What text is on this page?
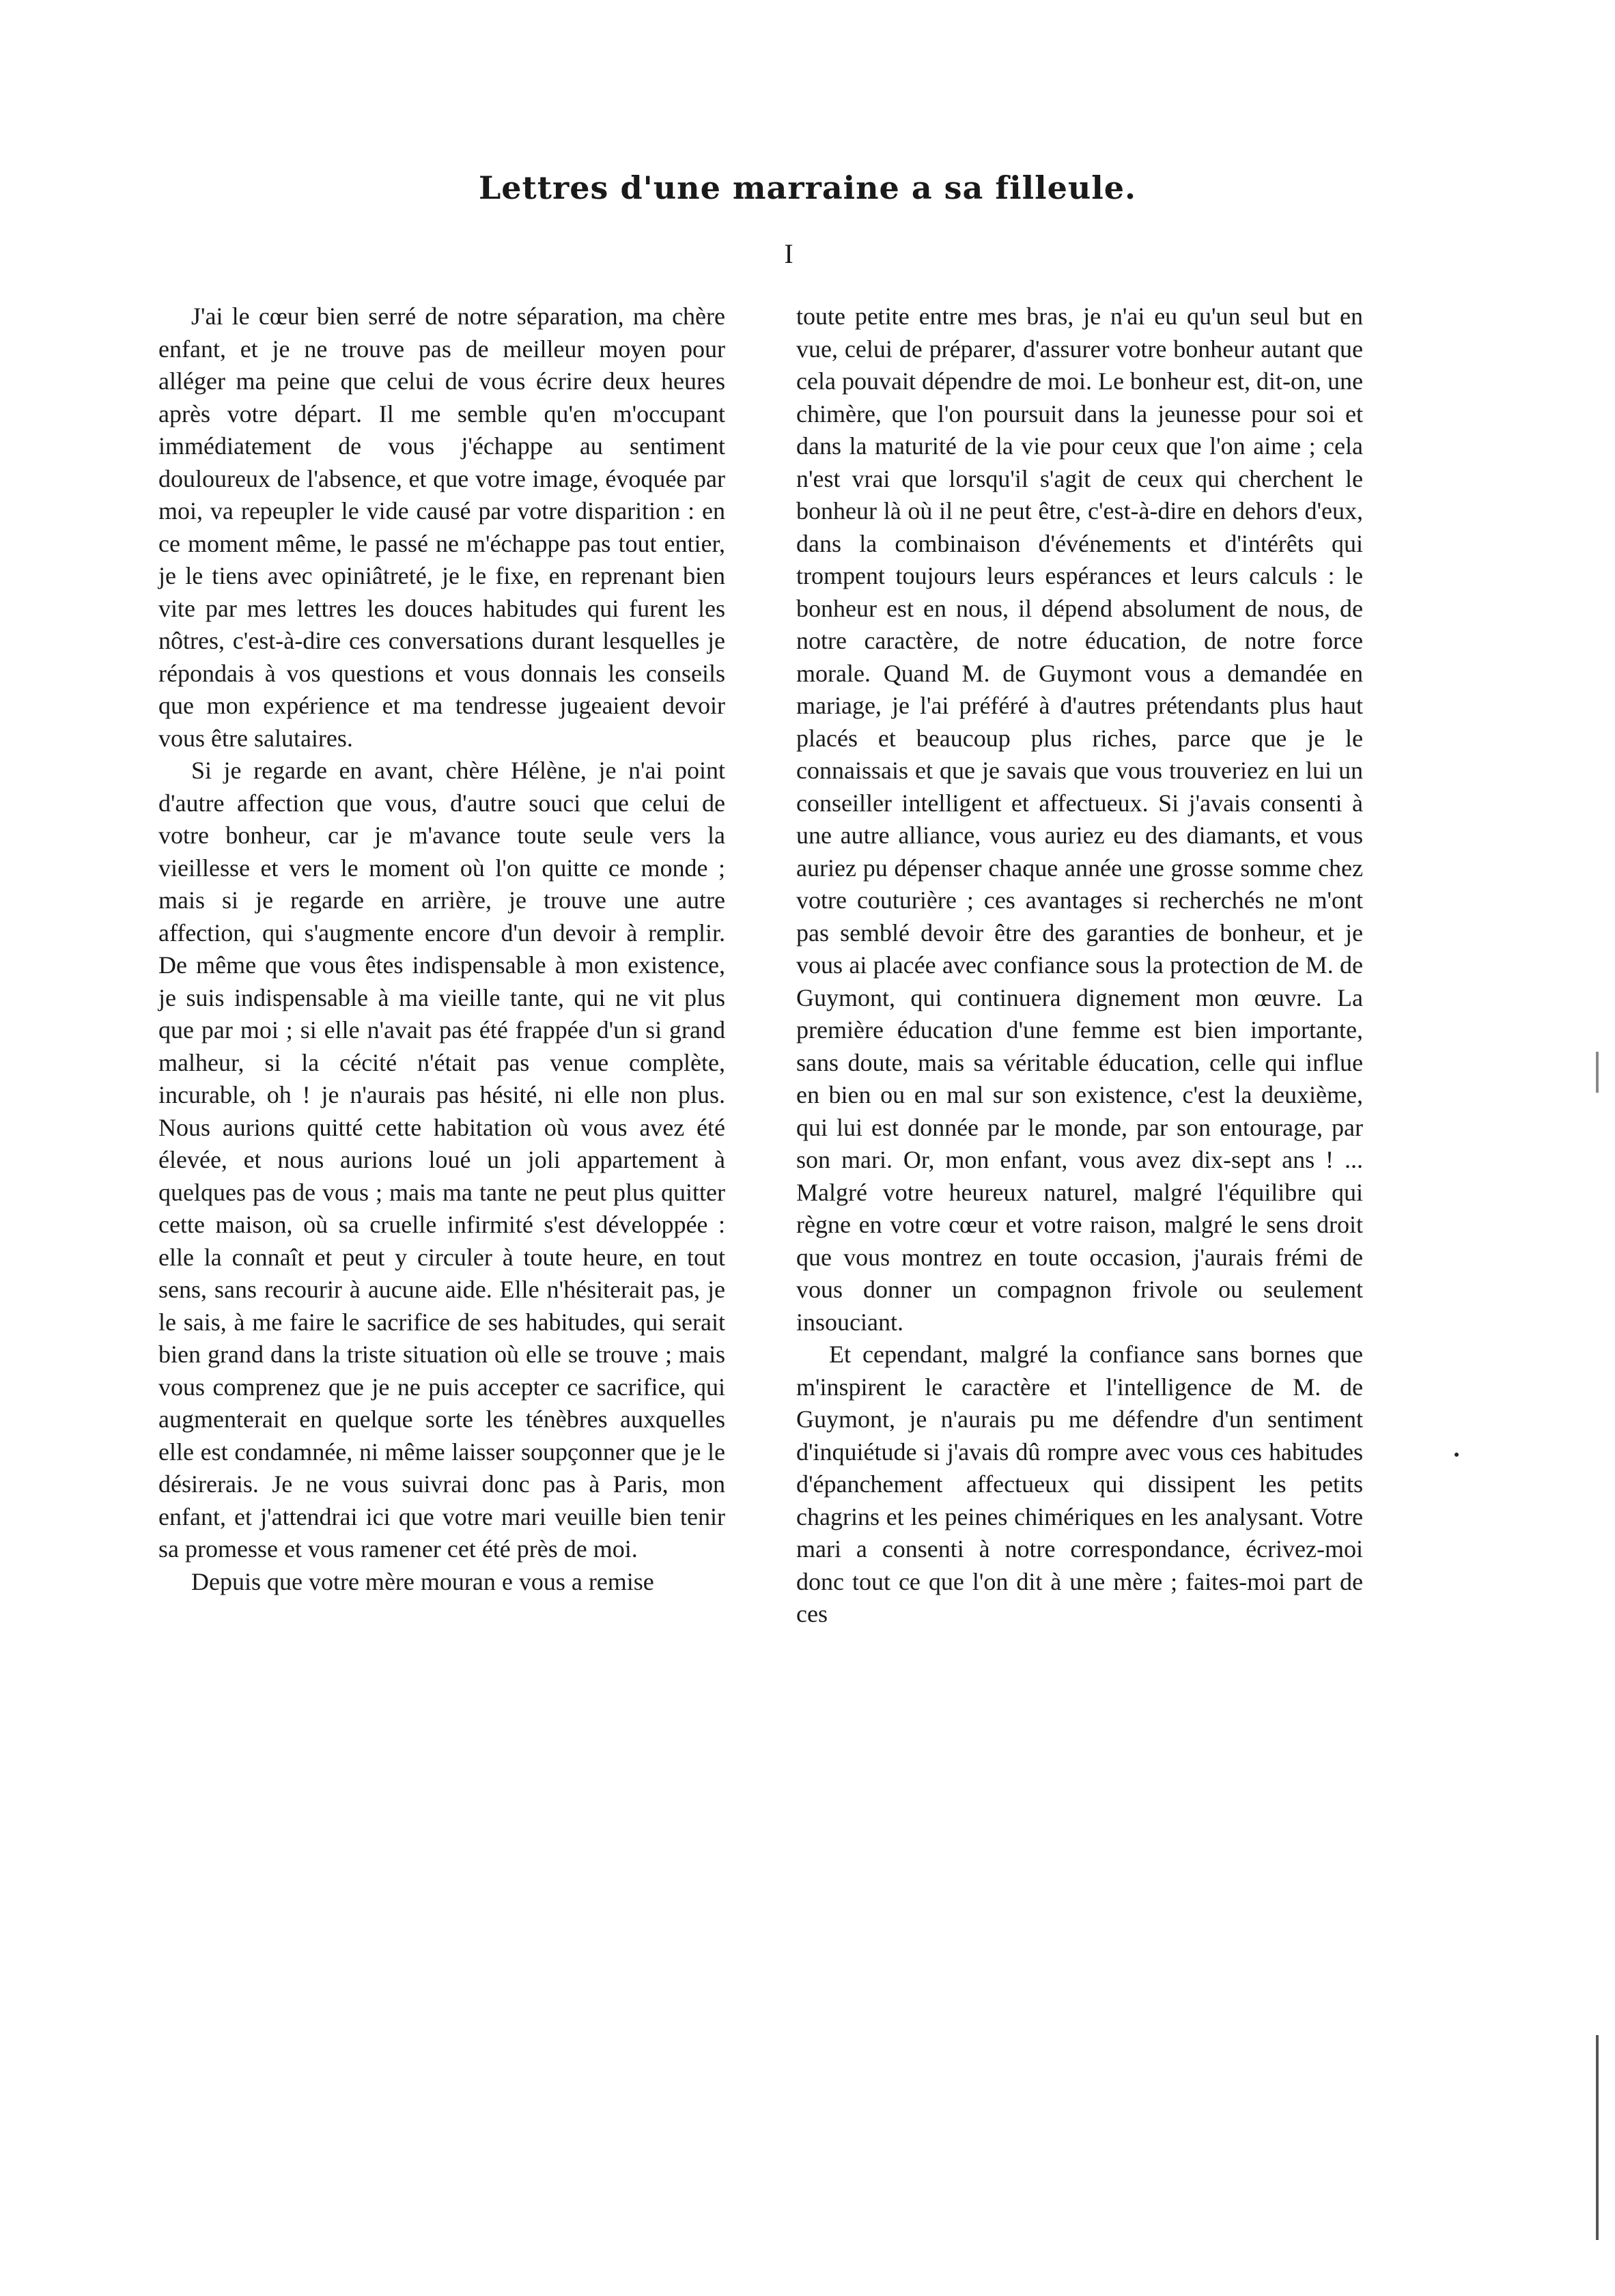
Lettres d'une marraine a sa filleule.
I

J'ai le cœur bien serré de notre séparation, ma chère enfant, et je ne trouve pas de meilleur moyen pour alléger ma peine que celui de vous écrire deux heures après votre départ. Il me semble qu'en m'occupant immédiatement de vous j'échappe au sentiment douloureux de l'absence, et que votre image, évoquée par moi, va repeupler le vide causé par votre disparition : en ce moment même, le passé ne m'échappe pas tout entier, je le tiens avec opiniâtreté, je le fixe, en reprenant bien vite par mes lettres les douces habitudes qui furent les nôtres, c'est-à-dire ces conversations durant lesquelles je répondais à vos questions et vous donnais les conseils que mon expérience et ma tendresse jugeaient devoir vous être salutaires.

Si je regarde en avant, chère Hélène, je n'ai point d'autre affection que vous, d'autre souci que celui de votre bonheur, car je m'avance toute seule vers la vieillesse et vers le moment où l'on quitte ce monde ; mais si je regarde en arrière, je trouve une autre affection, qui s'augmente encore d'un devoir à remplir. De même que vous êtes indispensable à mon existence, je suis indispensable à ma vieille tante, qui ne vit plus que par moi ; si elle n'avait pas été frappée d'un si grand malheur, si la cécité n'était pas venue complète, incurable, oh ! je n'aurais pas hésité, ni elle non plus. Nous aurions quitté cette habitation où vous avez été élevée, et nous aurions loué un joli appartement à quelques pas de vous ; mais ma tante ne peut plus quitter cette maison, où sa cruelle infirmité s'est développée : elle la connaît et peut y circuler à toute heure, en tout sens, sans recourir à aucune aide. Elle n'hésiterait pas, je le sais, à me faire le sacrifice de ses habitudes, qui serait bien grand dans la triste situation où elle se trouve ; mais vous comprenez que je ne puis accepter ce sacrifice, qui augmenterait en quelque sorte les ténèbres auxquelles elle est condamnée, ni même laisser soupçonner que je le désirerais. Je ne vous suivrai donc pas à Paris, mon enfant, et j'attendrai ici que votre mari veuille bien tenir sa promesse et vous ramener cet été près de moi.

Depuis que votre mère mouran e vous a remise

toute petite entre mes bras, je n'ai eu qu'un seul but en vue, celui de préparer, d'assurer votre bonheur autant que cela pouvait dépendre de moi. Le bonheur est, dit-on, une chimère, que l'on poursuit dans la jeunesse pour soi et dans la maturité de la vie pour ceux que l'on aime ; cela n'est vrai que lorsqu'il s'agit de ceux qui cherchent le bonheur là où il ne peut être, c'est-à-dire en dehors d'eux, dans la combinaison d'événements et d'intérêts qui trompent toujours leurs espérances et leurs calculs : le bonheur est en nous, il dépend absolument de nous, de notre caractère, de notre éducation, de notre force morale. Quand M. de Guymont vous a demandée en mariage, je l'ai préféré à d'autres prétendants plus haut placés et beaucoup plus riches, parce que je le connaissais et que je savais que vous trouveriez en lui un conseiller intelligent et affectueux. Si j'avais consenti à une autre alliance, vous auriez eu des diamants, et vous auriez pu dépenser chaque année une grosse somme chez votre couturière ; ces avantages si recherchés ne m'ont pas semblé devoir être des garanties de bonheur, et je vous ai placée avec confiance sous la protection de M. de Guymont, qui continuera dignement mon œuvre. La première éducation d'une femme est bien importante, sans doute, mais sa véritable éducation, celle qui influe en bien ou en mal sur son existence, c'est la deuxième, qui lui est donnée par le monde, par son entourage, par son mari. Or, mon enfant, vous avez dix-sept ans ! ... Malgré votre heureux naturel, malgré l'équilibre qui règne en votre cœur et votre raison, malgré le sens droit que vous montrez en toute occasion, j'aurais frémi de vous donner un compagnon frivole ou seulement insouciant.

Et cependant, malgré la confiance sans bornes que m'inspirent le caractère et l'intelligence de M. de Guymont, je n'aurais pu me défendre d'un sentiment d'inquiétude si j'avais dû rompre avec vous ces habitudes d'épanchement affectueux qui dissipent les petits chagrins et les peines chimériques en les analysant. Votre mari a consenti à notre correspondance, écrivez-moi donc tout ce que l'on dit à une mère ; faites-moi part de ces
